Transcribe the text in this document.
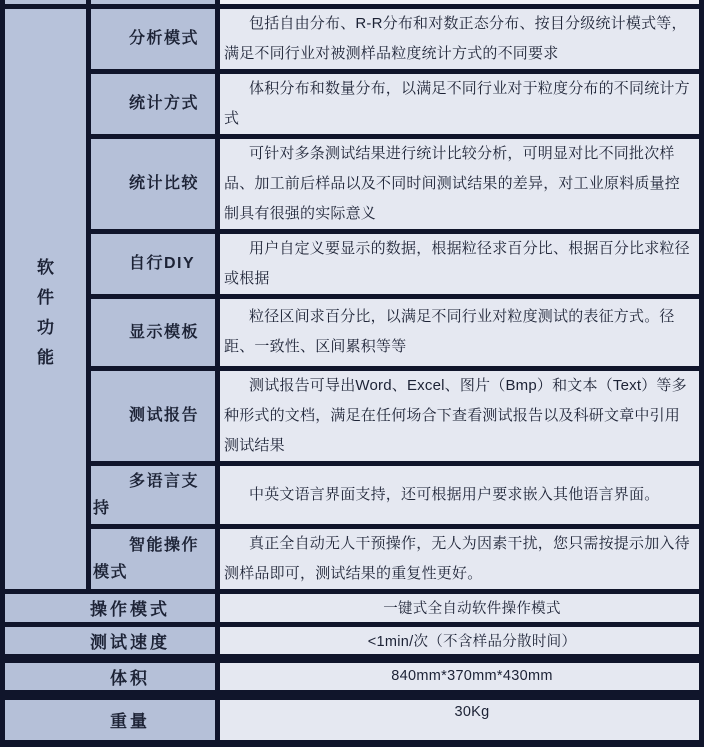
软
件
功
能	分析模式	包括自由分布、R-R分布和对数正态分布、按目分级统计模式等，满足不同行业对被测样品粒度统计方式的不同要求
	统计方式	体积分布和数量分布，以满足不同行业对于粒度分布的不同统计方式
	统计比较	可针对多条测试结果进行统计比较分析，可明显对比不同批次样品、加工前后样品以及不同时间测试结果的差异，对工业原料质量控制具有很强的实际意义
	自行DIY	用户自定义要显示的数据，根据粒径求百分比、根据百分比求粒径或根据
	显示模板	粒径区间求百分比，以满足不同行业对粒度测试的表征方式。径距、一致性、区间累积等等
	测试报告	测试报告可导出Word、Excel、图片（Bmp）和文本（Text）等多种形式的文档，满足在任何场合下查看测试报告以及科研文章中引用测试结果
	多语言支持	中英文语言界面支持，还可根据用户要求嵌入其他语言界面。
	智能操作模式	真正全自动无人干预操作，无人为因素干扰，您只需按提示加入待测样品即可，测试结果的重复性更好。
操作模式		一键式全自动软件操作模式
测试速度		<1min/次（不含样品分散时间）
体积		840mm*370mm*430mm
重量		30Kg
